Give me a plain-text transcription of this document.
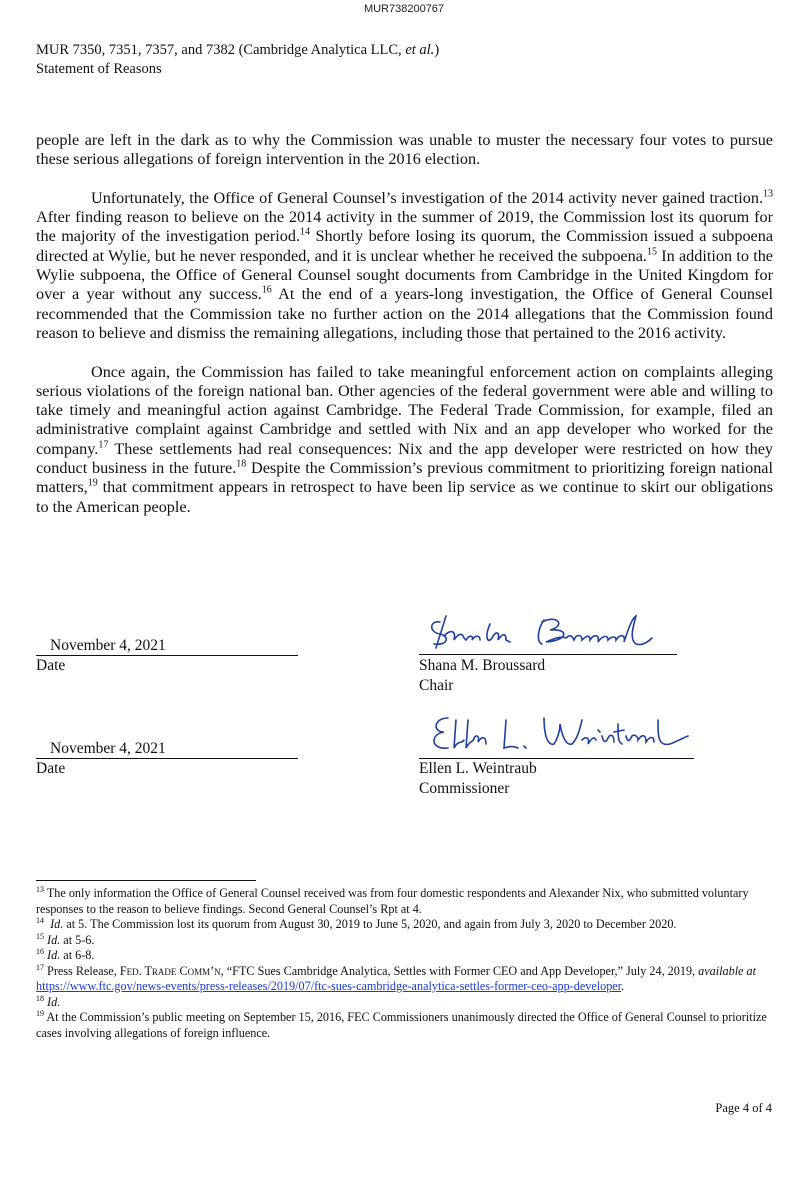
MUR738200767
MUR 7350, 7351, 7357, and 7382 (Cambridge Analytica LLC, et al.)
Statement of Reasons

people are left in the dark as to why the Commission was unable to muster the necessary four votes to pursue these serious allegations of foreign intervention in the 2016 election.

Unfortunately, the Office of General Counsel’s investigation of the 2014 activity never gained traction.$^{13}$ After finding reason to believe on the 2014 activity in the summer of 2019, the Commission lost its quorum for the majority of the investigation period.$^{14}$ Shortly before losing its quorum, the Commission issued a subpoena directed at Wylie, but he never responded, and it is unclear whether he received the subpoena.$^{15}$ In addition to the Wylie subpoena, the Office of General Counsel sought documents from Cambridge in the United Kingdom for over a year without any success.$^{16}$ At the end of a years-long investigation, the Office of General Counsel recommended that the Commission take no further action on the 2014 allegations that the Commission found reason to believe and dismiss the remaining allegations, including those that pertained to the 2016 activity.

Once again, the Commission has failed to take meaningful enforcement action on complaints alleging serious violations of the foreign national ban. Other agencies of the federal government were able and willing to take timely and meaningful action against Cambridge. The Federal Trade Commission, for example, filed an administrative complaint against Cambridge and settled with Nix and an app developer who worked for the company.$^{17}$ These settlements had real consequences: Nix and the app developer were restricted on how they conduct business in the future.$^{18}$ Despite the Commission’s previous commitment to prioritizing foreign national matters,$^{19}$ that commitment appears in retrospect to have been lip service as we continue to skirt our obligations to the American people.

November 4, 2021
Date	Shana M. Broussard
Chair
November 4, 2021
Date	Ellen L. Weintraub
Commissioner
$^{13}$ The only information the Office of General Counsel received was from four domestic respondents and Alexander Nix, who submitted voluntary responses to the reason to believe findings. Second General Counsel’s Rpt at 4.
$^{14}$ Id. at 5. The Commission lost its quorum from August 30, 2019 to June 5, 2020, and again from July 3, 2020 to December 2020.
$^{15}$ Id. at 5-6.
$^{16}$ Id. at 6-8.
$^{17}$ Press Release, Fed. Trade Comm’n, “FTC Sues Cambridge Analytica, Settles with Former CEO and App Developer,” July 24, 2019, available at https://www.ftc.gov/news-events/press-releases/2019/07/ftc-sues-cambridge-analytica-settles-former-ceo-app-developer.
$^{18}$ Id.
$^{19}$ At the Commission’s public meeting on September 15, 2016, FEC Commissioners unanimously directed the Office of General Counsel to prioritize cases involving allegations of foreign influence.
Page 4 of 4
